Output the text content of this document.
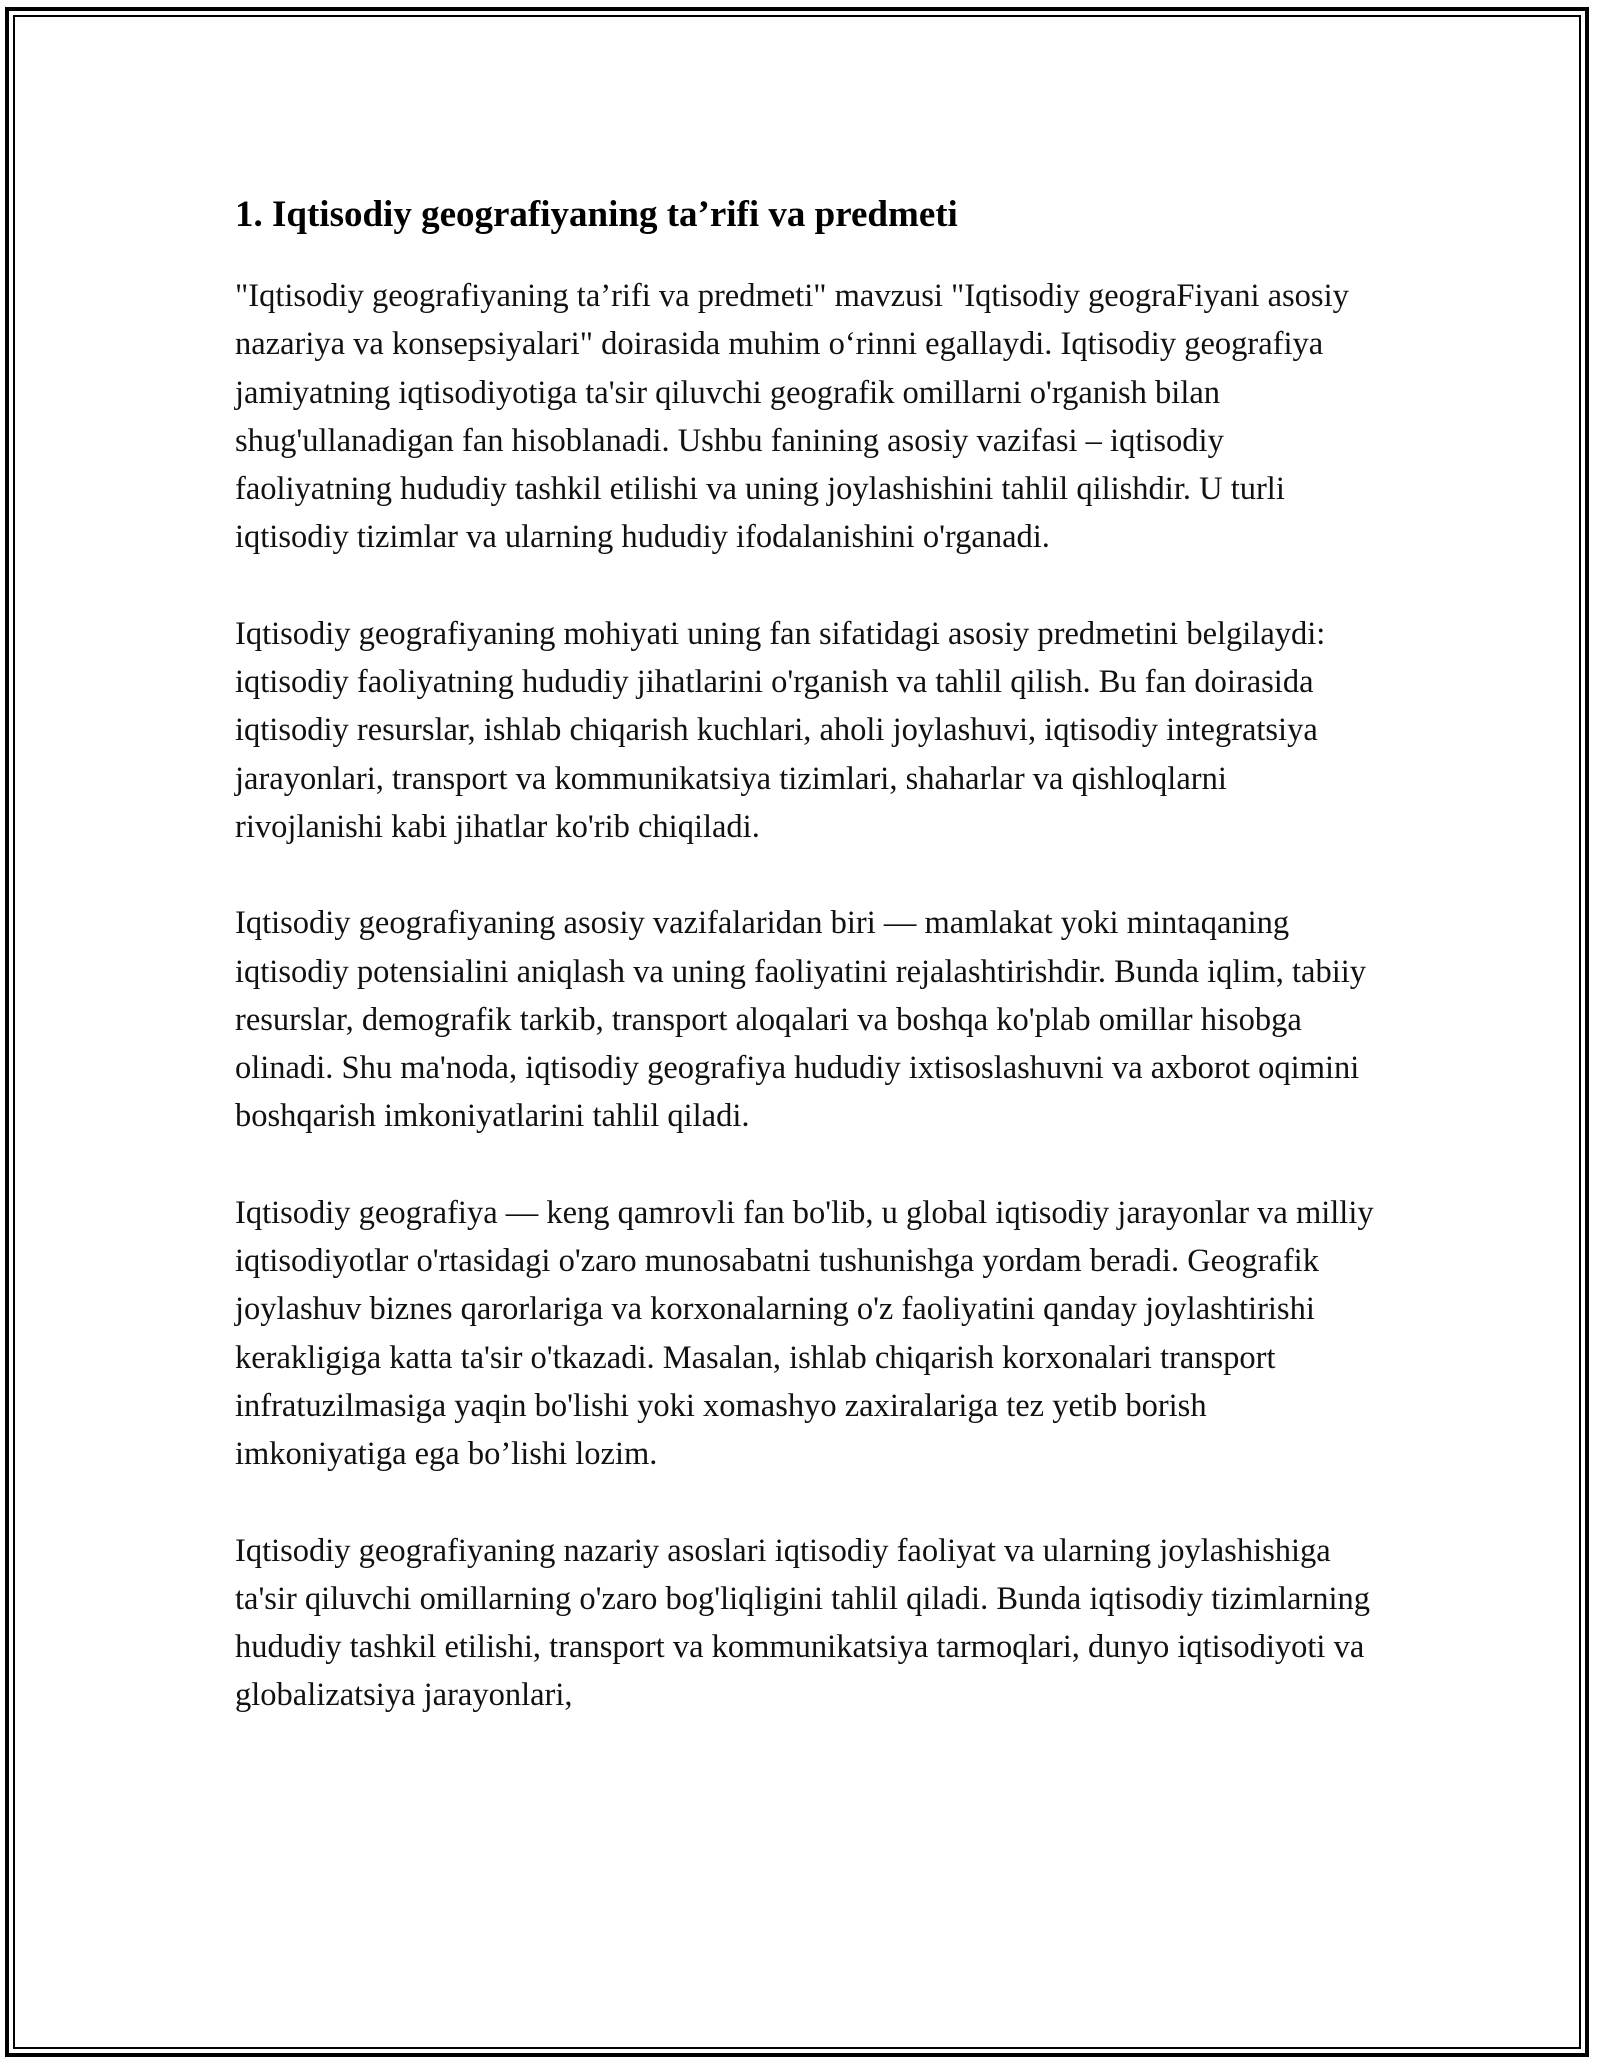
1. Iqtisodiy geografiyaning ta’rifi va predmeti

"Iqtisodiy geografiyaning ta’rifi va predmeti" mavzusi "Iqtisodiy geograFiyani asosiy nazariya va konsepsiyalari" doirasida muhim o‘rinni egallaydi. Iqtisodiy geografiya jamiyatning iqtisodiyotiga ta'sir qiluvchi geografik omillarni o'rganish bilan shug'ullanadigan fan hisoblanadi. Ushbu fanining asosiy vazifasi – iqtisodiy faoliyatning hududiy tashkil etilishi va uning joylashishini tahlil qilishdir. U turli iqtisodiy tizimlar va ularning hududiy ifodalanishini o'rganadi.

Iqtisodiy geografiyaning mohiyati uning fan sifatidagi asosiy predmetini belgilaydi: iqtisodiy faoliyatning hududiy jihatlarini o'rganish va tahlil qilish. Bu fan doirasida iqtisodiy resurslar, ishlab chiqarish kuchlari, aholi joylashuvi, iqtisodiy integratsiya jarayonlari, transport va kommunikatsiya tizimlari, shaharlar va qishloqlarni rivojlanishi kabi jihatlar ko'rib chiqiladi.

Iqtisodiy geografiyaning asosiy vazifalaridan biri — mamlakat yoki mintaqaning iqtisodiy potensialini aniqlash va uning faoliyatini rejalashtirishdir. Bunda iqlim, tabiiy resurslar, demografik tarkib, transport aloqalari va boshqa ko'plab omillar hisobga olinadi. Shu ma'noda, iqtisodiy geografiya hududiy ixtisoslashuvni va axborot oqimini boshqarish imkoniyatlarini tahlil qiladi.

Iqtisodiy geografiya — keng qamrovli fan bo'lib, u global iqtisodiy jarayonlar va milliy iqtisodiyotlar o'rtasidagi o'zaro munosabatni tushunishga yordam beradi. Geografik joylashuv biznes qarorlariga va korxonalarning o'z faoliyatini qanday joylashtirishi kerakligiga katta ta'sir o'tkazadi. Masalan, ishlab chiqarish korxonalari transport infratuzilmasiga yaqin bo'lishi yoki xomashyo zaxiralariga tez yetib borish imkoniyatiga ega bo’lishi lozim.

Iqtisodiy geografiyaning nazariy asoslari iqtisodiy faoliyat va ularning joylashishiga ta'sir qiluvchi omillarning o'zaro bog'liqligini tahlil qiladi. Bunda iqtisodiy tizimlarning hududiy tashkil etilishi, transport va kommunikatsiya tarmoqlari, dunyo iqtisodiyoti va globalizatsiya jarayonlari,
